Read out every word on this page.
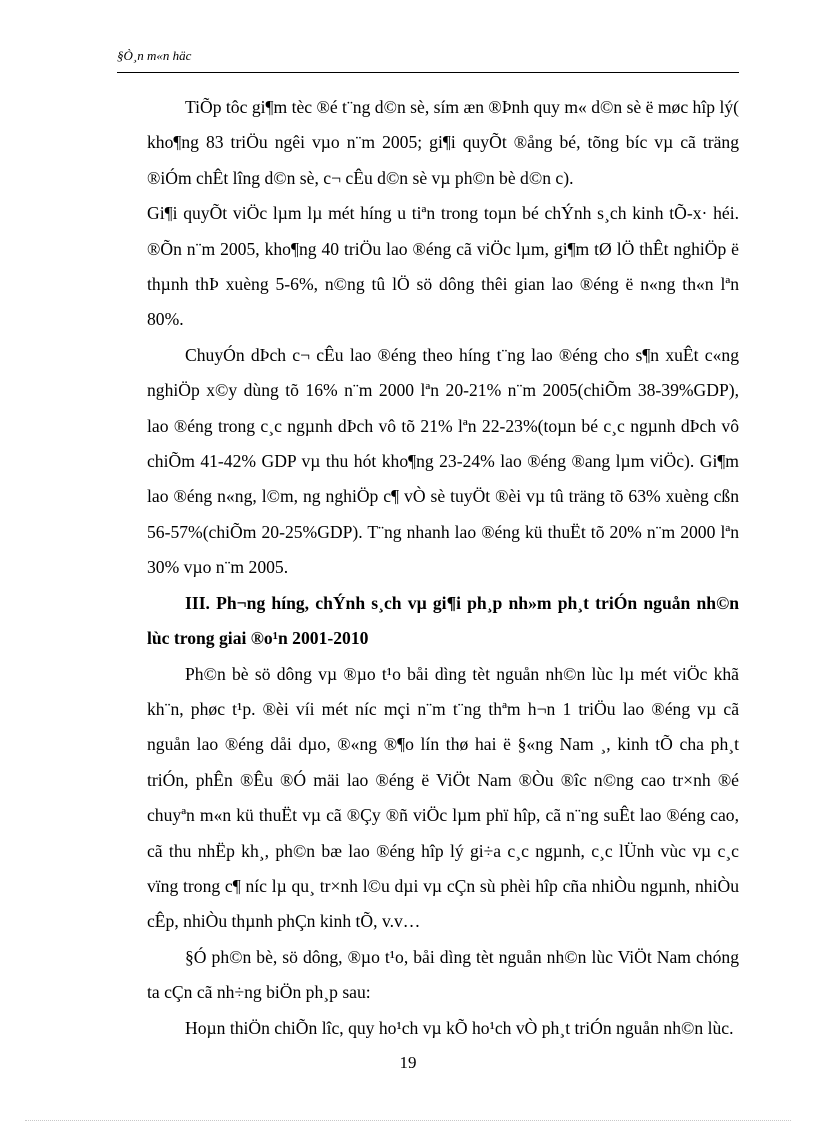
§Ò¸n m«n häc

TiÕp tôc gi¶m tèc ®é t¨ng d©n sè, sím æn ®Þnh quy m« d©n sè ë møc hîp lý( kho¶ng 83 triÖu ngêi vµo n¨m 2005; gi¶i quyÕt ®ång bé, tõng bíc vµ cã träng ®iÓm chÊt lîng d©n sè, c¬ cÊu d©n sè vµ ph©n bè d©n c).

Gi¶i quyÕt viÖc lµm lµ mét híng u tiªn trong toµn bé chÝnh s¸ch kinh tÕ-x· héi. ®Õn n¨m 2005, kho¶ng 40 triÖu lao ®éng cã viÖc lµm, gi¶m tØ lÖ thÊt nghiÖp ë thµnh thÞ xuèng 5-6%, n©ng tû lÖ sö dông thêi gian lao ®éng ë n«ng th«n lªn 80%.

ChuyÓn dÞch c¬ cÊu lao ®éng theo híng t¨ng lao ®éng cho s¶n xuÊt c«ng nghiÖp x©y dùng tõ 16% n¨m 2000 lªn 20-21% n¨m 2005(chiÕm 38-39%GDP), lao ®éng trong c¸c ngµnh dÞch vô tõ 21% lªn 22-23%(toµn bé c¸c ngµnh dÞch vô chiÕm 41-42% GDP vµ thu hót kho¶ng 23-24% lao ®éng ®ang lµm viÖc). Gi¶m lao ®éng n«ng, l©m, ng nghiÖp c¶ vÒ sè tuyÖt ®èi vµ tû träng tõ 63% xuèng cßn 56-57%(chiÕm 20-25%GDP). T¨ng nhanh lao ®éng kü thuËt tõ 20% n¨m 2000 lªn 30% vµo n¨m 2005.

III. Ph¬ng híng, chÝnh s¸ch vµ gi¶i ph¸p nh»m ph¸t triÓn nguån nh©n lùc trong giai ®o¹n 2001-2010

Ph©n bè sö dông vµ ®µo t¹o båi dìng tèt nguån nh©n lùc lµ mét viÖc khã kh¨n, phøc t¹p. ®èi víi mét níc mçi n¨m t¨ng thªm h¬n 1 triÖu lao ®éng vµ cã nguån lao ®éng dåi dµo, ®«ng ®¶o lín thø hai ë §«ng Nam ¸, kinh tÕ cha ph¸t triÓn, phÊn ®Êu ®Ó mäi lao ®éng ë ViÖt Nam ®Òu ®îc n©ng cao tr×nh ®é chuyªn m«n kü thuËt vµ cã ®Çy ®ñ viÖc lµm phï hîp, cã n¨ng suÊt lao ®éng cao, cã thu nhËp kh¸, ph©n bæ lao ®éng hîp lý gi÷a c¸c ngµnh, c¸c lÜnh vùc vµ c¸c vïng trong c¶ níc lµ qu¸ tr×nh l©u dµi vµ cÇn sù phèi hîp cña nhiÒu ngµnh, nhiÒu cÊp, nhiÒu thµnh phÇn kinh tÕ, v.v…

§Ó ph©n bè, sö dông, ®µo t¹o, båi dìng tèt nguån nh©n lùc ViÖt Nam chóng ta cÇn cã nh÷ng biÖn ph¸p sau:

Hoµn thiÖn chiÕn lîc, quy ho¹ch vµ kÕ ho¹ch vÒ ph¸t triÓn nguån nh©n lùc.

19
